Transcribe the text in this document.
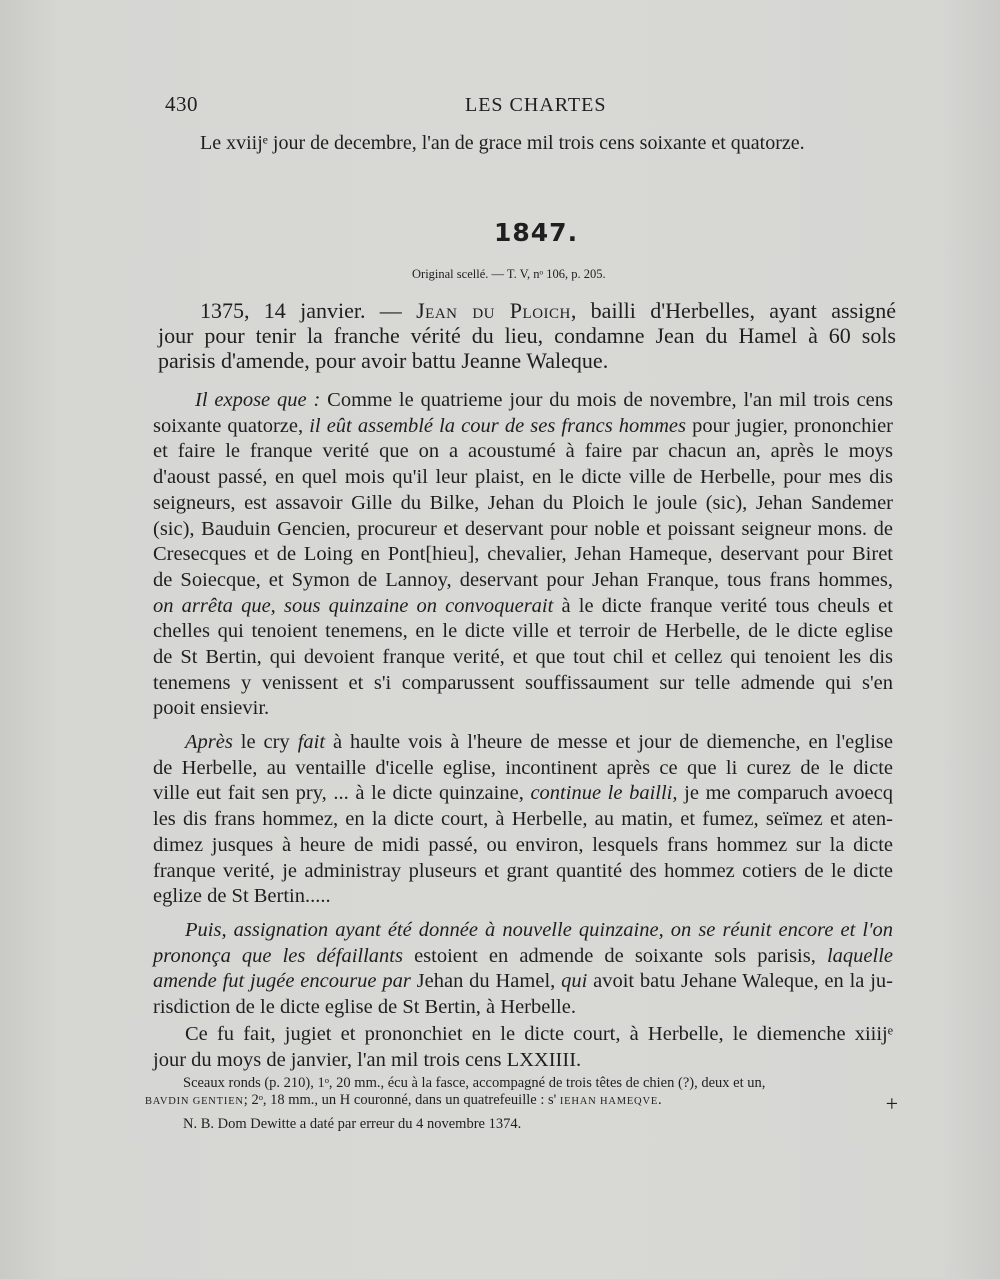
430	LES CHARTES
Le xviijᵉ jour de decembre, l'an de grace mil trois cens soixante et quatorze.
1847.
Original scellé. — T. V, nᵒ 106, p. 205.
1375, 14 janvier. — Jean du Ploich, bailli d'Herbelles, ayant assigné
jour pour tenir la franche vérité du lieu, condamne Jean du Hamel à 60 sols
parisis d'amende, pour avoir battu Jeanne Waleque.
Il expose que : Comme le quatrieme jour du mois de novembre, l'an mil trois cens
soixante quatorze, il eût assemblé la cour de ses francs hommes pour jugier, prononchier
et faire le franque verité que on a acoustumé à faire par chacun an, après le moys
d'aoust passé, en quel mois qu'il leur plaist, en le dicte ville de Herbelle, pour mes dis
seigneurs, est assavoir Gille du Bilke, Jehan du Ploich le joule (sic), Jehan Sandemer
(sic), Bauduin Gencien, procureur et deservant pour noble et poissant seigneur mons. de
Cresecques et de Loing en Pont[hieu], chevalier, Jehan Hameque, deservant pour Biret
de Soiecque, et Symon de Lannoy, deservant pour Jehan Franque, tous frans hommes,
on arrêta que, sous quinzaine on convoquerait à le dicte franque verité tous cheuls et
chelles qui tenoient tenemens, en le dicte ville et terroir de Herbelle, de le dicte eglise
de St Bertin, qui devoient franque verité, et que tout chil et cellez qui tenoient les dis
tenemens y venissent et s'i comparussent souffissaument sur telle admende qui s'en
pooit ensievir.
Après le cry fait à haulte vois à l'heure de messe et jour de diemenche, en l'eglise
de Herbelle, au ventaille d'icelle eglise, incontinent après ce que li curez de le dicte
ville eut fait sen pry, ... à le dicte quinzaine, continue le bailli, je me comparuch avoecq
les dis frans hommez, en la dicte court, à Herbelle, au matin, et fumez, seïmez et aten-
dimez jusques à heure de midi passé, ou environ, lesquels frans hommez sur la dicte
franque verité, je administray pluseurs et grant quantité des hommez cotiers de le dicte
eglize de St Bertin.....
Puis, assignation ayant été donnée à nouvelle quinzaine, on se réunit encore et l'on
prononça que les défaillants estoient en admende de soixante sols parisis, laquelle
amende fut jugée encourue par Jehan du Hamel, qui avoit batu Jehane Waleque, en la ju-
risdiction de le dicte eglise de St Bertin, à Herbelle.
Ce fu fait, jugiet et prononchiet en le dicte court, à Herbelle, le diemenche xiiijᵉ
jour du moys de janvier, l'an mil trois cens LXXIIII.
Sceaux ronds (p. 210), 1ᵒ, 20 mm., écu à la fasce, accompagné de trois têtes de chien (?), deux et un,
+
BAVDIN GENTIEN; 2ᵒ, 18 mm., un H couronné, dans un quatrefeuille : s' IEHAN HAMEQVE.
N. B. Dom Dewitte a daté par erreur du 4 novembre 1374.
